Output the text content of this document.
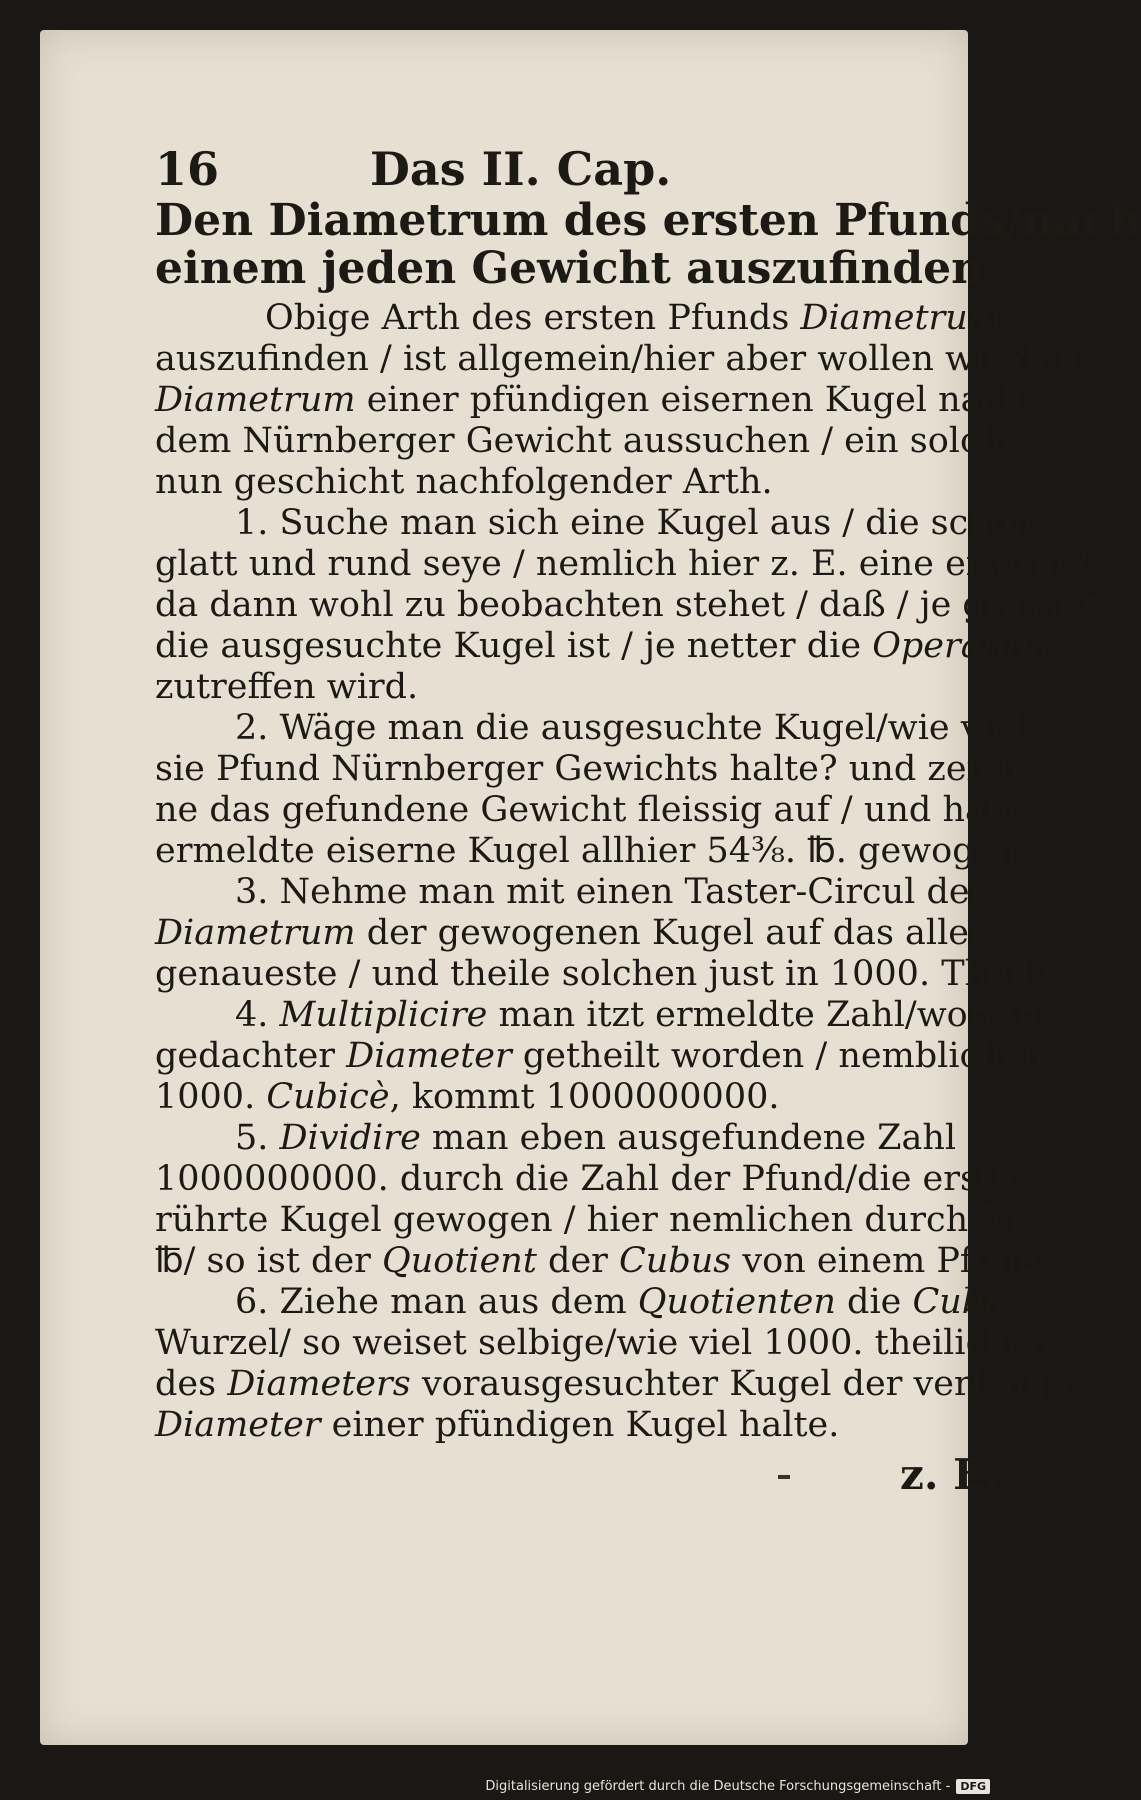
16	Das II. Cap.
Den Diametrum des ersten Pfunds/nach
einem jeden Gewicht auszufinden.
Obige Arth des ersten Pfunds Diametrum
auszufinden / ist allgemein/hier aber wollen wir den
Diametrum einer pfündigen eisernen Kugel nach
dem Nürnberger Gewicht aussuchen / ein solches
nun geschicht nachfolgender Arth.
1. Suche man sich eine Kugel aus / die schön
glatt und rund seye / nemlich hier z. E. eine eiserne/
da dann wohl zu beobachten stehet / daß / je grösser
die ausgesuchte Kugel ist / je netter die Operation
zutreffen wird.
2. Wäge man die ausgesuchte Kugel/wie viel
sie Pfund Nürnberger Gewichts halte? und zeich-
ne das gefundene Gewicht fleissig auf / und habe
ermeldte eiserne Kugel allhier 54⅜. ℔. gewogen.
3. Nehme man mit einen Taster-Circul den
Diametrum der gewogenen Kugel auf das aller-
genaueste / und theile solchen just in 1000. Theile.
4. Multiplicire man itzt ermeldte Zahl/worein
gedachter Diameter getheilt worden / nemblichen
1000. Cubicè, kommt 1000000000.
5. Dividire man eben ausgefundene Zahl
1000000000. durch die Zahl der Pfund/die erstbe-
rührte Kugel gewogen / hier nemlichen durch 54⅜.
℔/ so ist der Quotient der Cubus von einem Pfund.
6. Ziehe man aus dem Quotienten die Cubic-
Wurzel/ so weiset selbige/wie viel 1000. theilichen
des Diameters vorausgesuchter Kugel der verlangte
Diameter einer pfündigen Kugel halte.
z. E.
Digitalisierung gefördert durch die Deutsche Forschungsgemeinschaft - DFG
